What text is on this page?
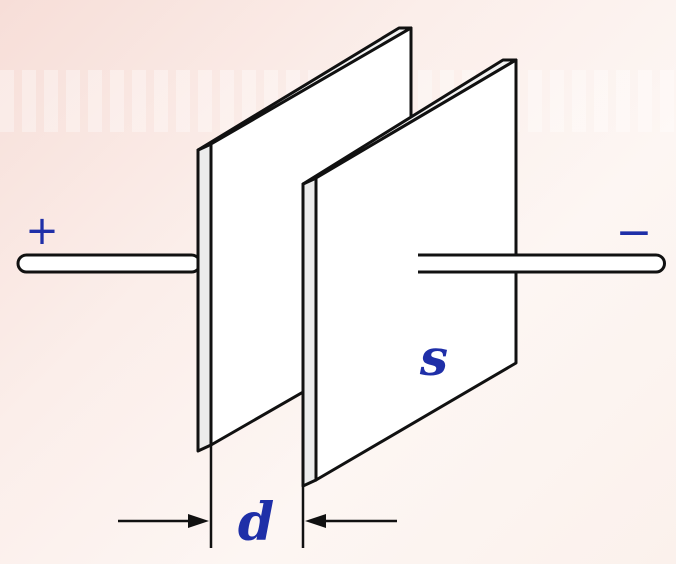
+	−
s
d
